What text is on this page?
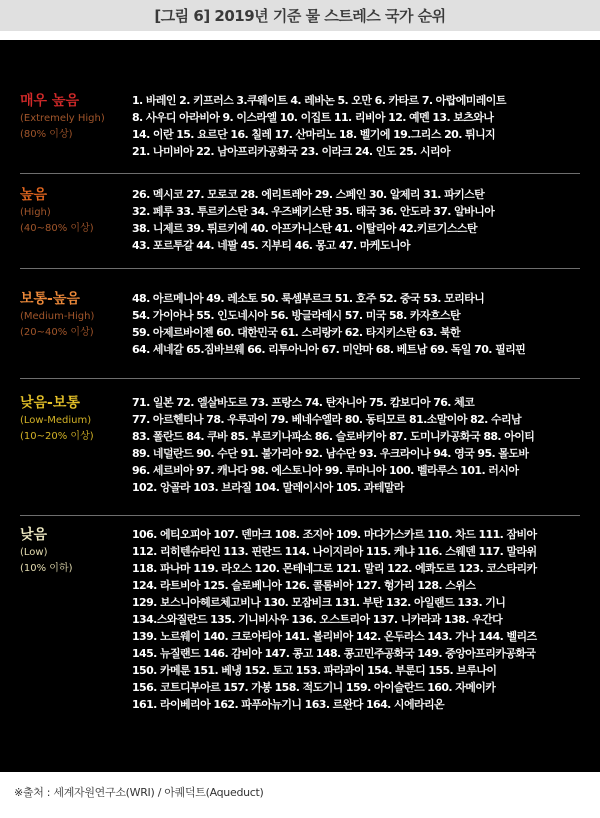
[그림 6] 2019년 기준 물 스트레스 국가 순위
매우 높음
(Extremely High)
(80% 이상)
1. 바레인 2. 키프러스 3.쿠웨이트 4. 레바논 5. 오만 6. 카타르 7. 아랍에미레이트
8. 사우디 아라비아 9. 이스라엘 10. 이집트 11. 리비아 12. 예멘 13. 보츠와나
14. 이란 15. 요르단 16. 칠레 17. 산마리노 18. 벨기에 19.그리스 20. 튀니지
21. 나미비아 22. 남아프리카공화국 23. 이라크 24. 인도 25. 시리아
높음
(High)
(40~80% 이상)
26. 멕시코 27. 모로코 28. 에리트레아 29. 스페인 30. 알제리 31. 파키스탄
32. 페루 33. 투르키스탄 34. 우즈베키스탄 35. 태국 36. 안도라 37. 알바니아
38. 니제르 39. 튀르키에 40. 아프카니스탄 41. 이탈리아 42.키르기스스탄
43. 포르투갈 44. 네팔 45. 지부티 46. 몽고 47. 마케도니아
보통-높음
(Medium-High)
(20~40% 이상)
48. 아르메니아 49. 레소토 50. 룩셈부르크 51. 호주 52. 중국 53. 모리타니
54. 가이아나 55. 인도네시아 56. 방글라데시 57. 미국 58. 카자흐스탄
59. 아제르바이젠 60. 대한민국 61. 스리랑카 62. 타지키스탄 63. 북한
64. 세네갈 65.짐바브웨 66. 리투아니아 67. 미얀마 68. 베트남 69. 독일 70. 필리핀
낮음-보통
(Low-Medium)
(10~20% 이상)
71. 일본 72. 엘살바도르 73. 프랑스 74. 탄자니아 75. 캄보디아 76. 체코
77. 아르헨티나 78. 우루과이 79. 베네수엘라 80. 동티모르 81.소말이아 82. 수리남
83. 폴란드 84. 쿠바 85. 부르키나파소 86. 슬로바키아 87. 도미니카공화국 88. 아이티
89. 네덜란드 90. 수단 91. 불가리아 92. 남수단 93. 우크라이나 94. 영국 95. 몰도바
96. 세르비아 97. 캐나다 98. 에스토니아 99. 루마니아 100. 벨라루스 101. 러시아
102. 앙골라 103. 브라질 104. 말레이시아 105. 과테말라
낮음
(Low)
(10% 이하)
106. 에티오피아 107. 덴마크 108. 조지아 109. 마다가스카르 110. 차드 111. 잠비아
112. 리히텐슈타인 113. 핀란드 114. 나이지리아 115. 케냐 116. 스웨덴 117. 말라위
118. 파나마 119. 라오스 120. 몬테네그로 121. 말리 122. 에콰도르 123. 코스타리카
124. 라트비아 125. 슬로베니아 126. 콜롬비아 127. 헝가리 128. 스위스
129. 보스니아헤르체고비나 130. 모잠비크 131. 부탄 132. 아일랜드 133. 기니
134.스와질란드 135. 기니비사우 136. 오스트리아 137. 니카라과 138. 우간다
139. 노르웨이 140. 크로아티아 141. 볼리비아 142. 온두라스 143. 가나 144. 벨리즈
145. 뉴질랜드 146. 감비아 147. 콩고 148. 콩고민주공화국 149. 중앙아프리카공화국
150. 카메룬 151. 베냉 152. 토고 153. 파라과이 154. 부룬디 155. 브루나이
156. 코트디부아르 157. 가봉 158. 적도기니 159. 아이슬란드 160. 자메이카
161. 라이베리아 162. 파푸아뉴기니 163. 르완다 164. 시에라리온
※출처 : 세계자원연구소(WRI) / 아퀘덕트(Aqueduct)
